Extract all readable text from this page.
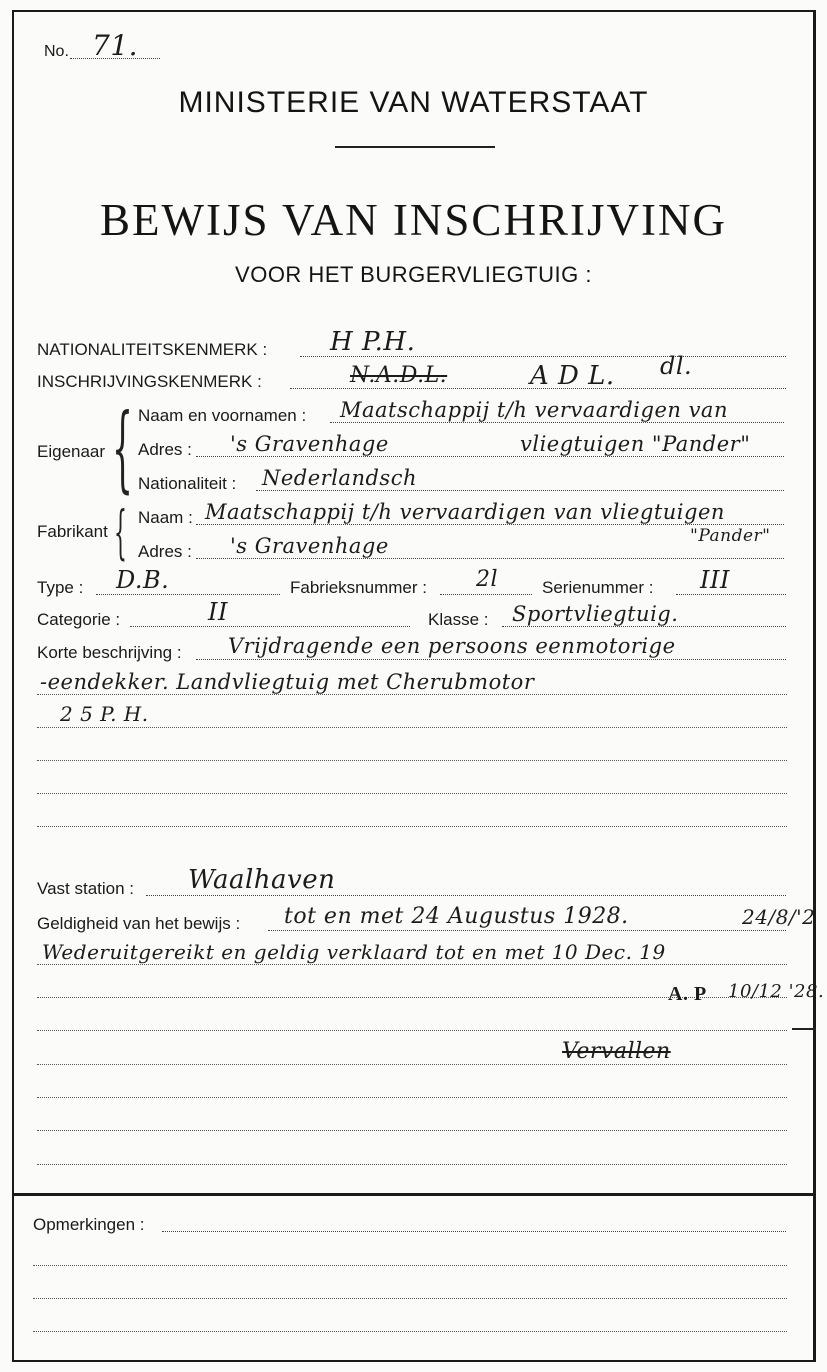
No. 71.
MINISTERIE VAN WATERSTAAT
BEWIJS VAN INSCHRIJVING
VOOR HET BURGERVLIEGTUIG :
NATIONALITEITSKENMERK : H P.H.
INSCHRIJVINGSKENMERK :	N.A.D.L.	A D L. dl.
Eigenaar { Naam en voornamen : Maatschappij t/h vervaardigen van
Adres : 's Gravenhage	vliegtuigen "Pander"
Nationaliteit : Nederlandsch
Fabrikant { Naam : Maatschappij t/h vervaardigen van vliegtuigen
"Pander"
Adres : 's Gravenhage
Type : D.B.	Fabrieksnummer : 2l	Serienummer : III
Categorie :	II	Klasse : Sportvliegtuig.
Korte beschrijving : Vrijdragende een persoons eenmotorige
-eendekker. Landvliegtuig met Cherubmotor
2 5 P. H.
Vast station : Waalhaven
Geldigheid van het bewijs : tot en met 24 Augustus 1928.	24/8/'2
Wederuitgereikt en geldig verklaard tot en met 10 Dec. 19
A. P 10/12 '28.
Vervallen
Opmerkingen :
